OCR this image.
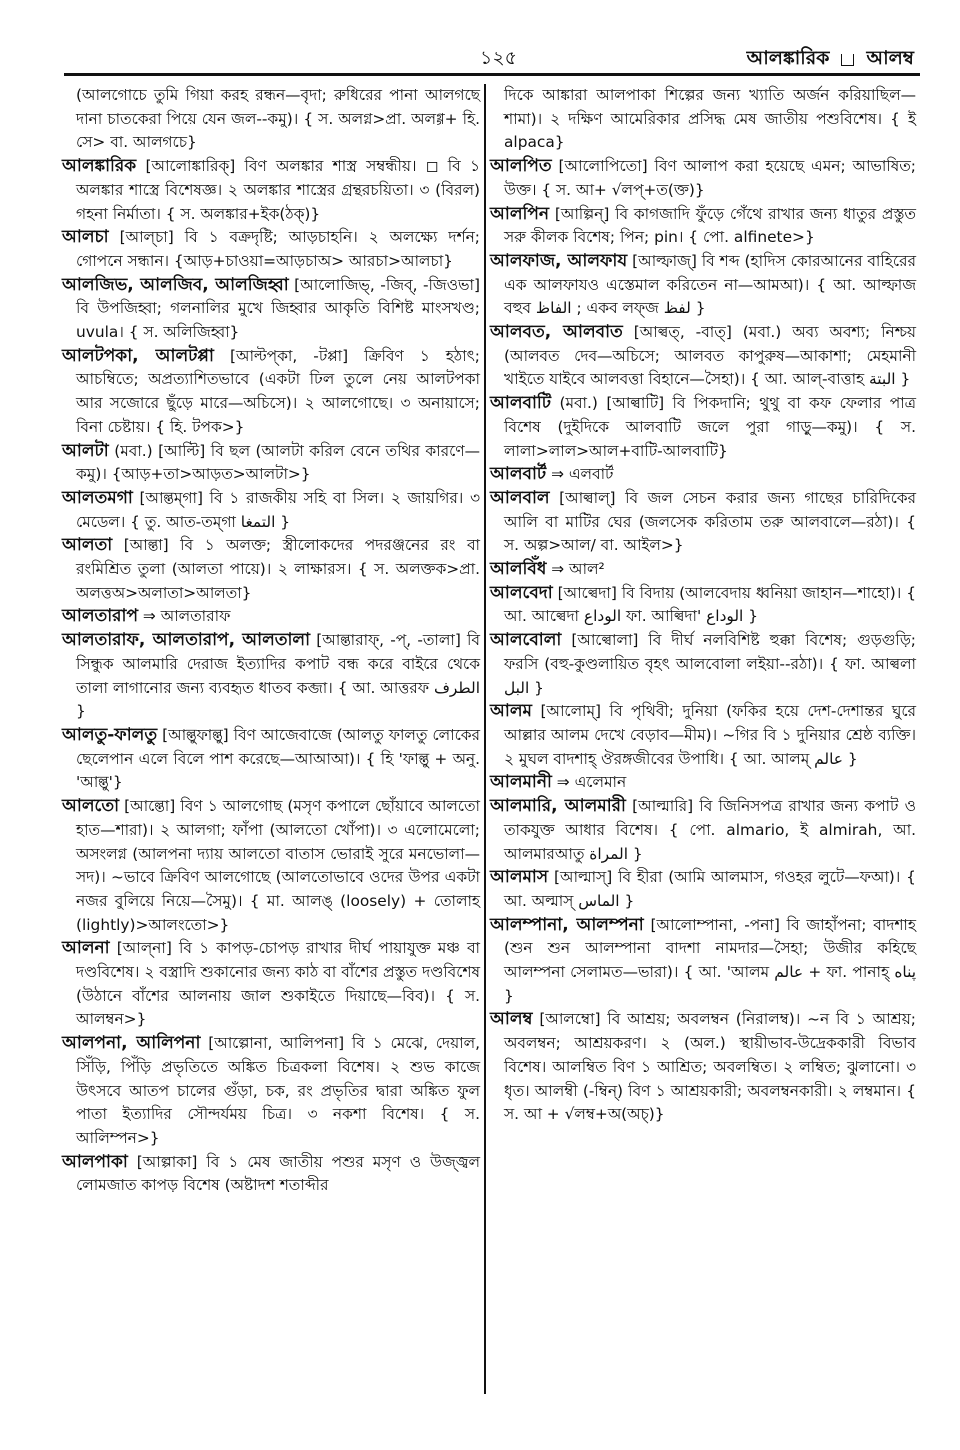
১২৫	আলঙ্কারিক আলম্ব

(আলগোচে তুমি গিয়া করহ রন্ধন—বৃদা; রুধিরের পানা আলগছে দানা চাতকেরা পিয়ে যেন জল--কমু)। { স. অলগ্ন>প্রা. অলগ্গ+ হি. সে> বা. আলগচে}

আলঙ্কারিক [আলোঙ্কারিক্] বিণ অলঙ্কার শাস্ত্র সম্বন্ধীয়। ◻ বি ১ অলঙ্কার শাস্ত্রে বিশেষজ্ঞ। ২ অলঙ্কার শাস্ত্রের গ্রন্থরচয়িতা। ৩ (বিরল) গহনা নির্মাতা। { স. অলঙ্কার+ইক(ঠক্)}

আলচা [আল্চা] বি ১ বক্রদৃষ্টি; আড়চাহনি। ২ অলক্ষ্যে দর্শন; গোপনে সন্ধান। {আড়+চাওয়া=আড়চাঅ> আরচা>আলচা}

আলজিভ, আলজিব, আলজিহ্বা [আলোজিভ্, -জিব্, -জিওভা] বি উপজিহ্বা; গলনালির মুখে জিহ্বার আকৃতি বিশিষ্ট মাংসখণ্ড; uvula। { স. অলিজিহ্বা}

আলটপকা, আলটপ্পা [আল্টপ্কা, -টপ্পা] ক্রিবিণ ১ হঠাৎ; আচম্বিতে; অপ্রত্যাশিতভাবে (একটা ঢিল তুলে নেয় আলটপকা আর সজোরে ছুঁড়ে মারে—অচিসে)। ২ আলগোছে। ৩ অনায়াসে; বিনা চেষ্টায়। { হি. টপক>}

আলটা (মবা.) [আল্টি] বি ছল (আলটা করিল বেনে তথির কারণে—কমু)। {আড়+তা>আড়ত>আলটা>}

আলতমগা [আল্তম্গা] বি ১ রাজকীয় সহি বা সিল। ২ জায়গির। ৩ মেডেল। { তু. আত-তম্গা التمغا }

আলতা [আল্তা] বি ১ অলক্ত; স্ত্রীলোকদের পদরঞ্জনের রং বা রংমিশ্রিত তুলা (আলতা পায়ে)। ২ লাক্ষারস। { স. অলক্তক>প্রা. অলত্তঅ>অলাতা>আলতা}

আলতারাপ ⇒ আলতারাফ

আলতারাফ, আলতারাপ, আলতালা [আল্তারাফ্, -প্, -তালা] বি সিন্ধুক আলমারি দেরাজ ইত্যাদির কপাট বন্ধ করে বাইরে থেকে তালা লাগানোর জন্য ব্যবহৃত ধাতব কব্জা। { আ. আত্তরফ الطرف }

আলতু-ফালতু [আল্তুফাল্তু] বিণ আজেবাজে (আলতু ফালতু লোকের ছেলেপান এলে বিলে পাশ করেছে—আআআ)। { হি 'ফাল্তু + অনু. 'আল্তু'}

আলতো [আল্তো] বিণ ১ আলগোছ (মসৃণ কপালে ছোঁয়াবে আলতো হাত—শারা)। ২ আলগা; ফাঁপা (আলতো খোঁপা)। ৩ এলোমেলো; অসংলগ্ন (আলপনা দ্যায় আলতো বাতাস ভোরাই সুরে মনভোলা—সদ)। ~ভাবে ক্রিবিণ আলগোছে (আলতোভাবে ওদের উপর একটা নজর বুলিয়ে নিয়ে—সৈমু)। { মা. আলঙ্ (loosely) + তোলাহ (lightly)>আলংতো>}

আলনা [আল্না] বি ১ কাপড়-চোপড় রাখার দীর্ঘ পায়াযুক্ত মঞ্চ বা দণ্ডবিশেষ। ২ বস্ত্রাদি শুকানোর জন্য কাঠ বা বাঁশের প্রস্তুত দণ্ডবিশেষ (উঠানে বাঁশের আলনায় জাল শুকাইতে দিয়াছে—বিব)। { স. আলম্বন>}

আলপনা, আলিপনা [আল্পোনা, আলিপনা] বি ১ মেঝে, দেয়াল, সিঁড়ি, পিঁড়ি প্রভৃতিতে অঙ্কিত চিত্রকলা বিশেষ। ২ শুভ কাজে উৎসবে আতপ চালের গুঁড়া, চক, রং প্রভৃতির দ্বারা অঙ্কিত ফুল পাতা ইত্যাদির সৌন্দর্যময় চিত্র। ৩ নকশা বিশেষ। { স. আলিম্পন>}

আলপাকা [আল্পাকা] বি ১ মেষ জাতীয় পশুর মসৃণ ও উজ্জ্বল লোমজাত কাপড় বিশেষ (অষ্টাদশ শতাব্দীর

দিকে আঙ্কারা আলপাকা শিল্পের জন্য খ্যাতি অর্জন করিয়াছিল—শামা)। ২ দক্ষিণ আমেরিকার প্রসিদ্ধ মেষ জাতীয় পশুবিশেষ। { ই alpaca}

আলপিত [আলোপিতো] বিণ আলাপ করা হয়েছে এমন; আভাষিত; উক্ত। { স. আ+ √লপ্+ত(ক্ত)}

আলপিন [আল্পিন্] বি কাগজাদি ফুঁড়ে গেঁথে রাখার জন্য ধাতুর প্রস্তুত সরু কীলক বিশেষ; পিন; pin। { পো. alfinete>}

আলফাজ, আলফায [আল্ফাজ্] বি শব্দ (হাদিস কোরআনের বাহিরের এক আলফাযও এস্তেমাল করিতেন না—আমআ)। { আ. আল্ফাজ বহুব الفاظ ; একব লফ্জ لفظ }

আলবত, আলবাত [আল্বত্, -বাত্] (মবা.) অব্য অবশ্য; নিশ্চয় (আলবত দেব—অচিসে; আলবত কাপুরুষ—আকাশা; মেহমানী খাইতে যাইবে আলবত্তা বিহানে—সৈহা)। { আ. আল্-বাত্তাহ البتة }

আলবাটি (মবা.) [আল্বাটি] বি পিকদানি; থুথু বা কফ ফেলার পাত্র বিশেষ (দুইদিকে আলবাটি জলে পুরা গাড়ু—কমু)। { স. লালা>লাল>আল+বাটি-আলবাটি}

আলবার্ট ⇒ এলবার্ট

আলবাল [আল্বাল্] বি জল সেচন করার জন্য গাছের চারিদিকের আলি বা মাটির ঘের (জলসেক করিতাম তরু আলবালে—রঠা)। { স. অল্প>আল/ বা. আইল>}

আলবিঁধ ⇒ আল²

আলবেদা [আল্বেদা] বি বিদায় (আলবেদায় ধ্বনিয়া জাহান—শাহো)। { আ. আল্বেদা الوداع ফা. আল্বিদা' الوداع }

আলবোলা [আল্বোলা] বি দীর্ঘ নলবিশিষ্ট হুক্কা বিশেষ; গুড়গুড়ি; ফরসি (বহু-কুণ্ডলায়িত বৃহৎ আলবোলা লইয়া--রঠা)। { ফা. আল্বলা البل }

আলম [আলোম্] বি পৃথিবী; দুনিয়া (ফকির হয়ে দেশ-দেশান্তর ঘুরে আল্লার আলম দেখে বেড়াব—মীম)। ~গির বি ১ দুনিয়ার শ্রেষ্ঠ ব্যক্তি। ২ মুঘল বাদশাহ্ ঔরঙ্গজীবের উপাধি। { আ. আলম্ عالم }

আলমানী ⇒ এলেমান

আলমারি, আলমারী [আল্মারি] বি জিনিসপত্র রাখার জন্য কপাট ও তাকযুক্ত আধার বিশেষ। { পো. almario, ই almirah, আ. আলমারআতু المراة }

আলমাস [আল্মাস্] বি হীরা (আমি আলমাস, গওহর লুটে—ফআ)। { আ. অল্মাস্ الماس }

আলম্পানা, আলম্পনা [আলোম্পানা, -পনা] বি জাহাঁপনা; বাদশাহ (শুন শুন আলম্পানা বাদশা নামদার—সৈহা; উজীর কহিছে আলম্পনা সেলামত—ভারা)। { আ. 'আলম عالم + ফা. পানাহ্ پناه }

আলম্ব [আলম্বো] বি আশ্রয়; অবলম্বন (নিরালম্ব)। ~ন বি ১ আশ্রয়; অবলম্বন; আশ্রয়করণ। ২ (অল.) স্থায়ীভাব-উদ্রেককারী বিভাব বিশেষ। আলম্বিত বিণ ১ আশ্রিত; অবলম্বিত। ২ লম্বিত; ঝুলানো। ৩ ধৃত। আলম্বী (-ম্বিন্) বিণ ১ আশ্রয়কারী; অবলম্বনকারী। ২ লম্বমান। { স. আ + √লম্ব+অ(অচ্)}
